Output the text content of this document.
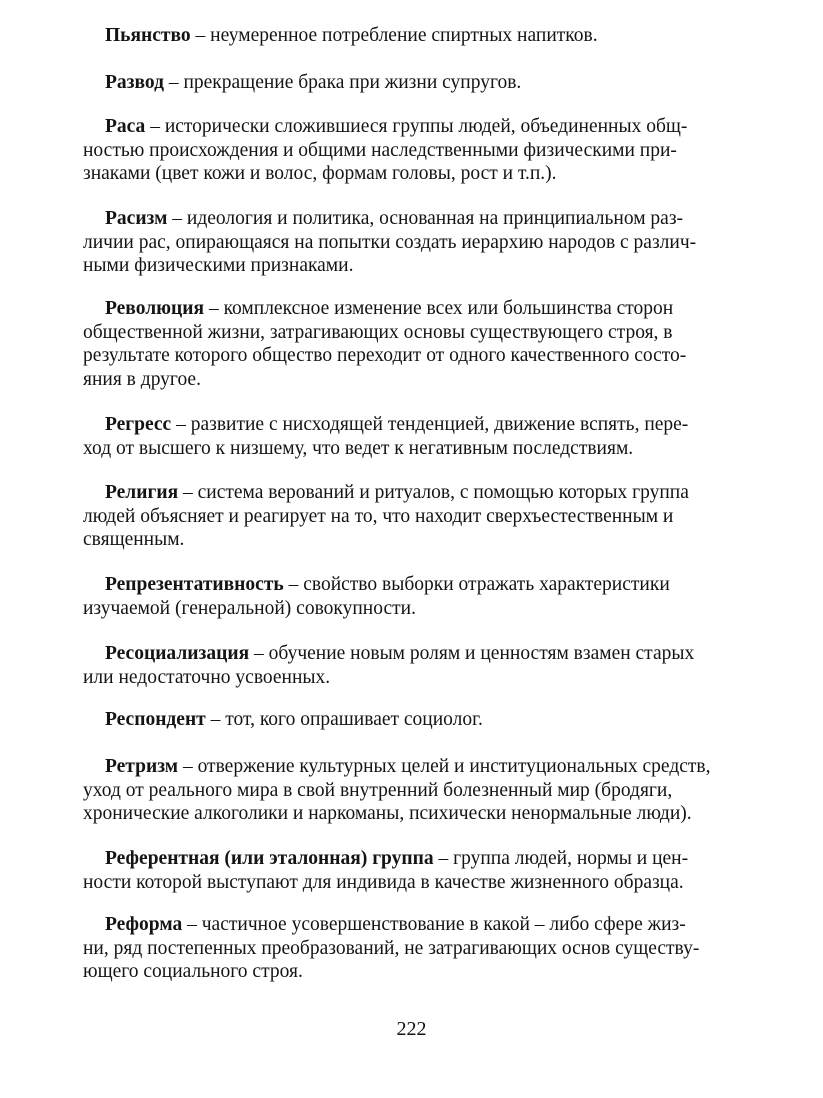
Пьянство – неумеренное потребление спиртных напитков.

Развод – прекращение брака при жизни супругов.

Раса – исторически сложившиеся группы людей, объединенных общ-
ностью происхождения и общими наследственными физическими при-
знаками (цвет кожи и волос, формам головы, рост и т.п.).

Расизм – идеология и политика, основанная на принципиальном раз-
личии рас, опирающаяся на попытки создать иерархию народов с различ-
ными физическими признаками.

Революция – комплексное изменение всех или большинства сторон
общественной жизни, затрагивающих основы существующего строя, в
результате которого общество переходит от одного качественного состо-
яния в другое.

Регресс – развитие с нисходящей тенденцией, движение вспять, пере-
ход от высшего к низшему, что ведет к негативным последствиям.

Религия – система верований и ритуалов, с помощью которых группа
людей объясняет и реагирует на то, что находит сверхъестественным и
священным.

Репрезентативность – свойство выборки отражать характеристики
изучаемой (генеральной) совокупности.

Ресоциализация – обучение новым ролям и ценностям взамен старых
или недостаточно усвоенных.

Респондент – тот, кого опрашивает социолог.

Ретризм – отвержение культурных целей и институциональных средств,
уход от реального мира в свой внутренний болезненный мир (бродяги,
хронические алкоголики и наркоманы, психически ненормальные люди).

Референтная (или эталонная) группа – группа людей, нормы и цен-
ности которой выступают для индивида в качестве жизненного образца.

Реформа – частичное усовершенствование в какой – либо сфере жиз-
ни, ряд постепенных преобразований, не затрагивающих основ существу-
ющего социального строя.

222
